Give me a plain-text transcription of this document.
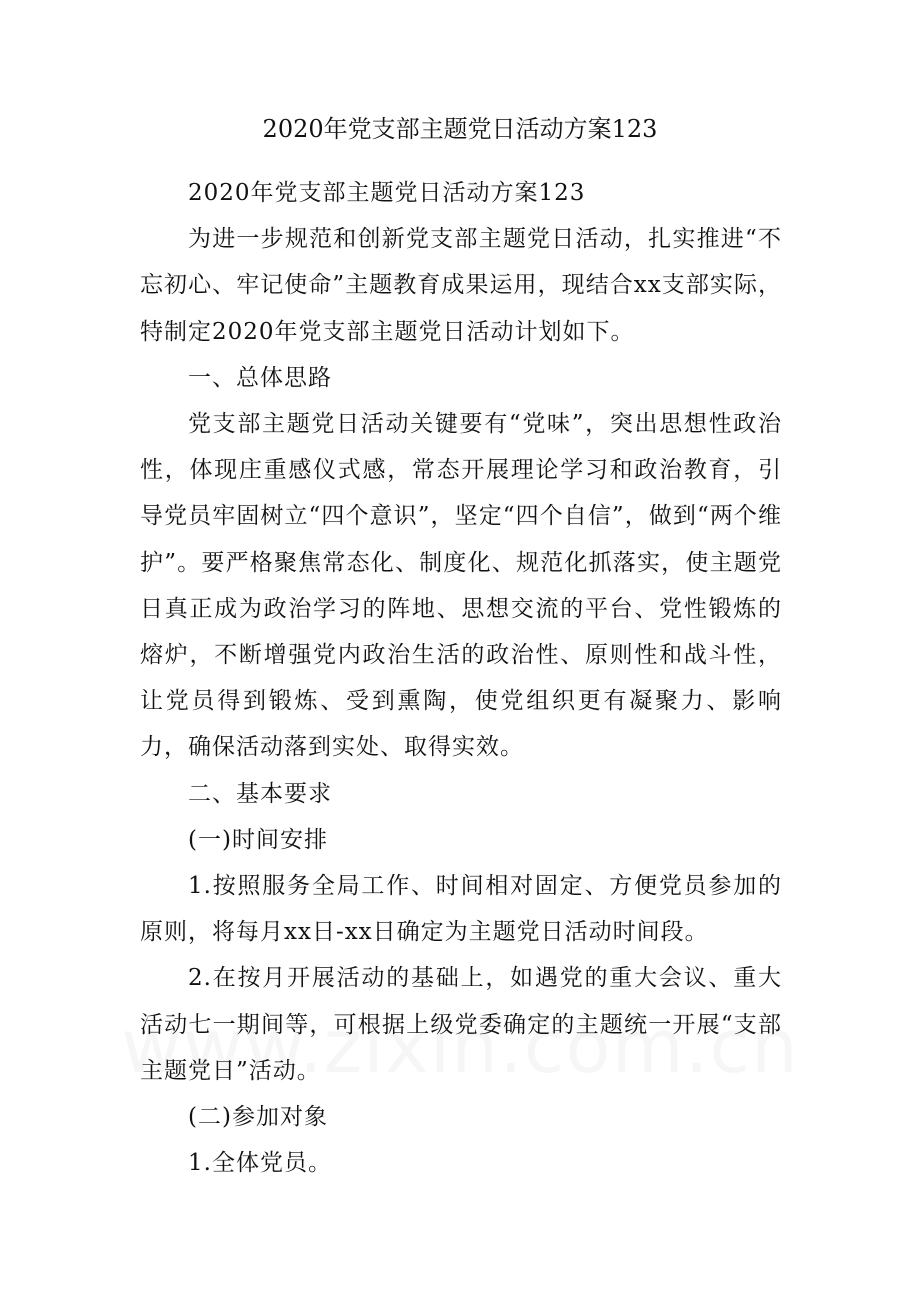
2020年党支部主题党日活动方案123

2020年党支部主题党日活动方案123

为进一步规范和创新党支部主题党日活动，扎实推进“不忘初心、牢记使命”主题教育成果运用，现结合xx支部实际，特制定2020年党支部主题党日活动计划如下。

一、总体思路

党支部主题党日活动关键要有“党味”，突出思想性政治性，体现庄重感仪式感，常态开展理论学习和政治教育，引导党员牢固树立“四个意识”，坚定“四个自信”，做到“两个维护”。要严格聚焦常态化、制度化、规范化抓落实，使主题党日真正成为政治学习的阵地、思想交流的平台、党性锻炼的熔炉，不断增强党内政治生活的政治性、原则性和战斗性，让党员得到锻炼、受到熏陶，使党组织更有凝聚力、影响力，确保活动落到实处、取得实效。

二、基本要求

(一)时间安排

1.按照服务全局工作、时间相对固定、方便党员参加的原则，将每月xx日-xx日确定为主题党日活动时间段。

2.在按月开展活动的基础上，如遇党的重大会议、重大活动七一期间等，可根据上级党委确定的主题统一开展“支部主题党日”活动。

(二)参加对象

1.全体党员。
